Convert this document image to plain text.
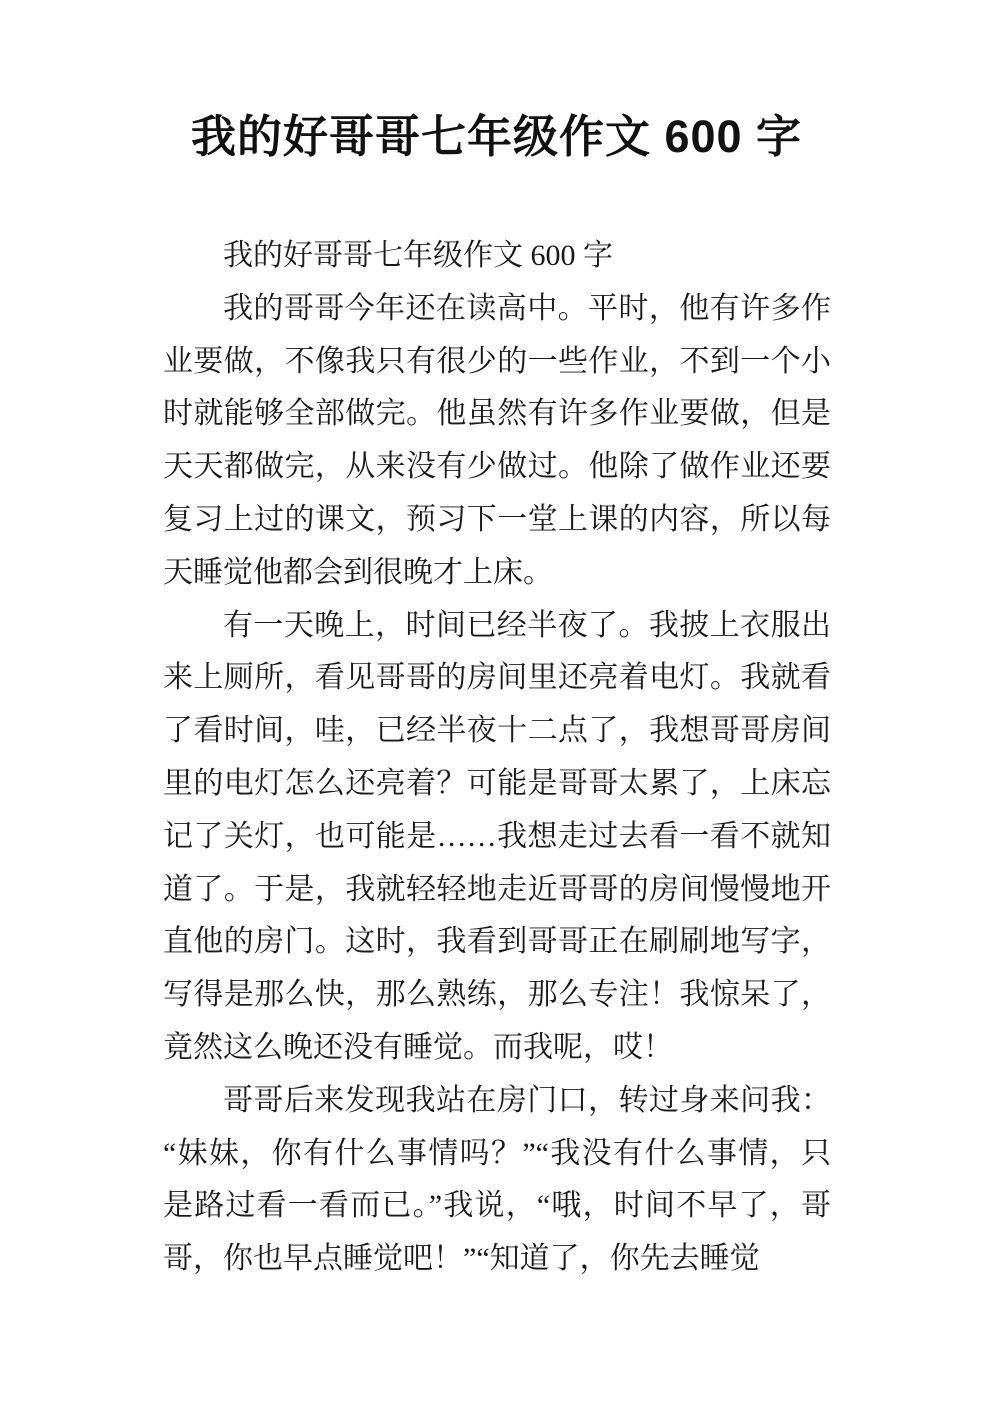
我的好哥哥七年级作文 600 字

我的好哥哥七年级作文 600 字

我的哥哥今年还在读高中。平时，他有许多作业要做，不像我只有很少的一些作业，不到一个小时就能够全部做完。他虽然有许多作业要做，但是天天都做完，从来没有少做过。他除了做作业还要复习上过的课文，预习下一堂上课的内容，所以每天睡觉他都会到很晚才上床。

有一天晚上，时间已经半夜了。我披上衣服出来上厕所，看见哥哥的房间里还亮着电灯。我就看了看时间，哇，已经半夜十二点了，我想哥哥房间里的电灯怎么还亮着？可能是哥哥太累了，上床忘记了关灯，也可能是……我想走过去看一看不就知道了。于是，我就轻轻地走近哥哥的房间慢慢地开直他的房门。这时，我看到哥哥正在刷刷地写字，写得是那么快，那么熟练，那么专注！我惊呆了，竟然这么晚还没有睡觉。而我呢，哎！

哥哥后来发现我站在房门口，转过身来问我：“妹妹，你有什么事情吗？”“我没有什么事情，只是路过看一看而已。”我说，“哦，时间不早了，哥哥，你也早点睡觉吧！”“知道了，你先去睡觉
